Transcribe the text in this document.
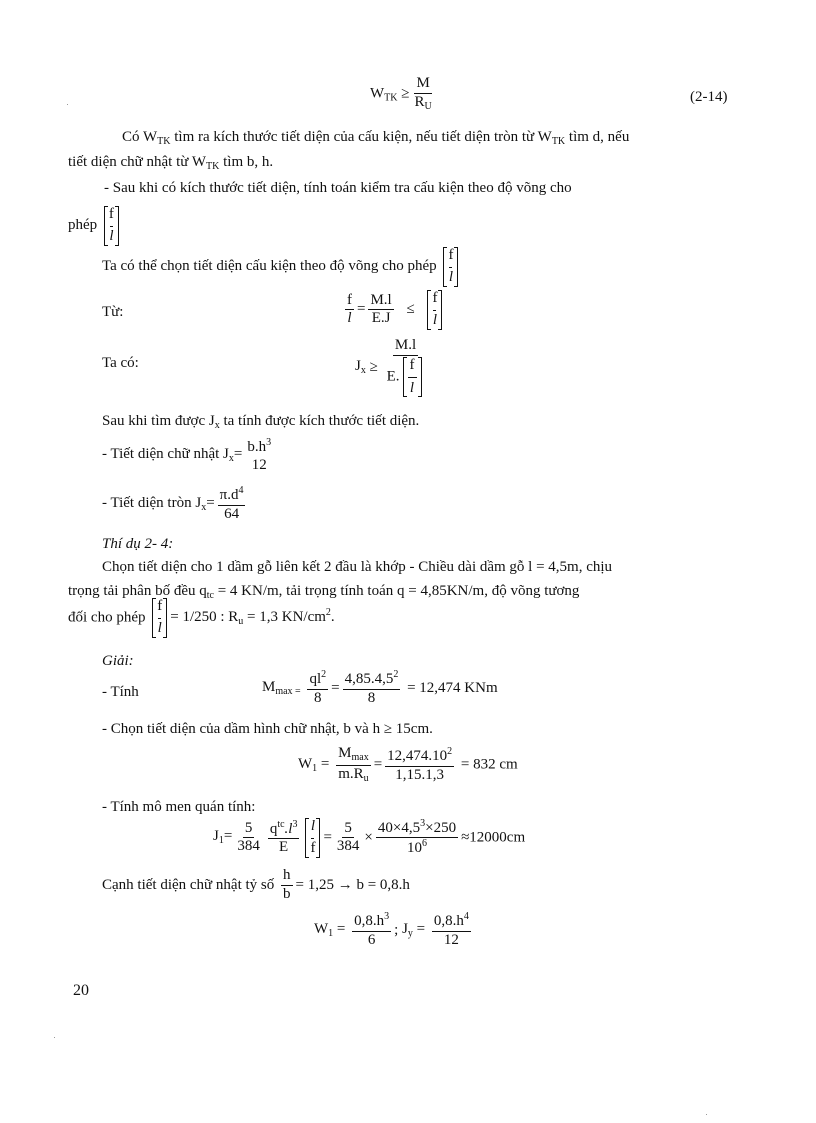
$W_{TK} \ge \frac{M}{R_U}$	(2-14)
Có $W_{TK}$ tìm ra kích thước tiết diện của cấu kiện, nếu tiết diện tròn từ $W_{TK}$ tìm d, nếu
tiết diện chữ nhật từ $W_{TK}$ tìm b, h.
- Sau khi có kích thước tiết diện, tính toán kiểm tra cấu kiện theo độ võng cho
phép $\frac{f}{l}$
Ta có thể chọn tiết diện cấu kiện theo độ võng cho phép $\frac{f}{l}$
Từ:	$\frac{f}{l} = \frac{M.l}{E.J} \le \frac{f}{l}$
Ta có:	$J_x \ge \frac{M.l}{E. \frac{f}{l}}$
Sau khi tìm được $J_x$ ta tính được kích thước tiết diện.
- Tiết diện chữ nhật $J_x= b.h^3$
12
- Tiết diện tròn $J_x= \frac{\pi.d^4}{64}$
Thí dụ 2- 4:
Chọn tiết diện cho 1 dầm gỗ liên kết 2 đầu là khớp - Chiều dài dầm gỗ l = 4,5m, chịu
trọng tải phân bố đều $q_{tc} = 4$ KN/m, tải trọng tính toán q = 4,85KN/m, độ võng tương
đối cho phép $\frac{f}{l} = 1/250$ : $R_u = 1,3$ $KN/cm^2$.
Giải:
- Tính	$M_{max =} \frac{ql^2}{8} = \frac{4,85.4,5^2}{8} = 12,474$ KNm
- Chọn tiết diện của dầm hình chữ nhật, b và h ≥ 15cm.
$W_1 = \frac{M_{max}}{m.R_u} = \frac{12,474.10^2}{1,15.1,3} = 832$ cm
- Tính mô men quán tính:
$J_1= \frac{5}{384} \frac{q^{tc}.l^3}{E} \frac{l}{f} = \frac{5}{384} \times \frac{40\times 4,5^3\times 250}{10^6} \approx 12000cm$
Cạnh tiết diện chữ nhật tỷ số $\frac{h}{b} = 1,25 \to b = 0,8.h$
$W_1 = \frac{0,8.h^3}{6}$ ; $J_y = \frac{0,8.h^4}{12}$
20
